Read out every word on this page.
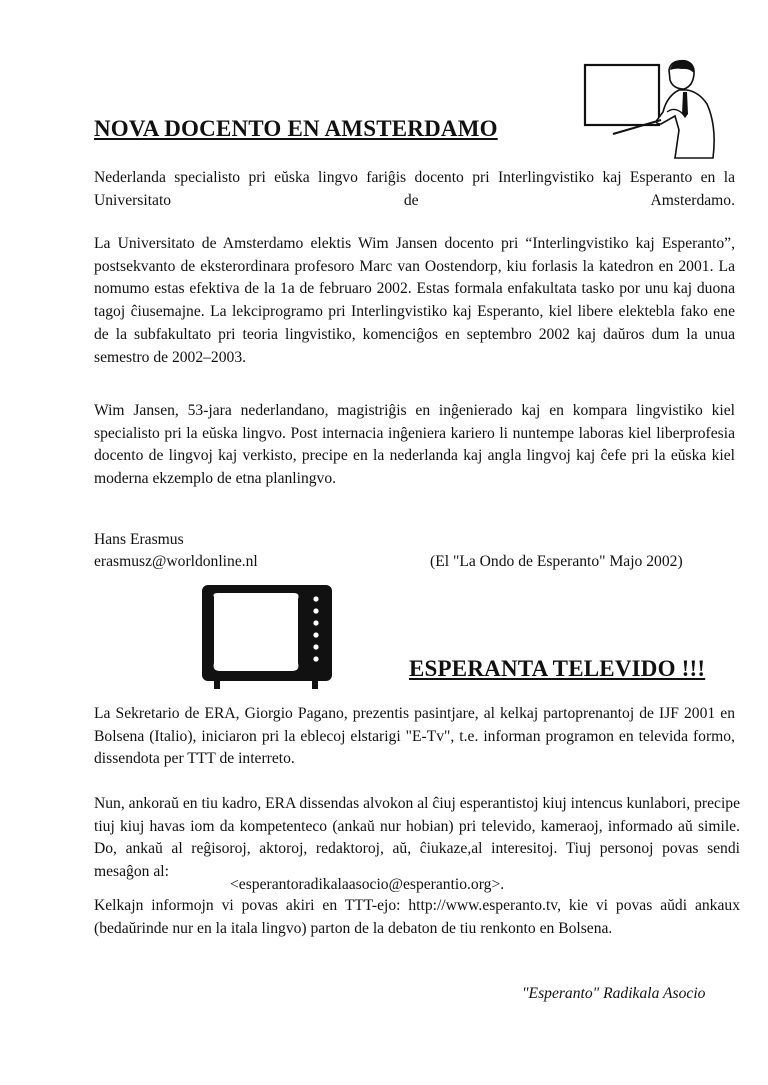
NOVA DOCENTO EN AMSTERDAMO
Nederlanda specialisto pri eŭska lingvo fariĝis docento pri Interlingvistiko kaj Esperanto en la Universitato de Amsterdamo.
La Universitato de Amsterdamo elektis Wim Jansen docento pri “Interlingvistiko kaj Esperanto”, postsekvanto de eksterordinara profesoro Marc van Oostendorp, kiu forlasis la katedron en 2001. La nomumo estas efektiva de la 1a de februaro 2002. Estas formala enfakultata tasko por unu kaj duona tagoj ĉiusemajne. La lekciprogramo pri Interlingvistiko kaj Esperanto, kiel libere elektebla fako ene de la subfakultato pri teoria lingvistiko, komenciĝos en septembro 2002 kaj daŭros dum la unua semestro de 2002–2003.
Wim Jansen, 53-jara nederlandano, magistriĝis en inĝenierado kaj en kompara lingvistiko kiel specialisto pri la eŭska lingvo. Post internacia inĝeniera kariero li nuntempe laboras kiel liberprofesia docento de lingvoj kaj verkisto, precipe en la nederlanda kaj angla lingvoj kaj ĉefe pri la eŭska kiel moderna ekzemplo de etna planlingvo.
Hans Erasmus
erasmusz@worldonline.nl	(El "La Ondo de Esperanto" Majo 2002)
ESPERANTA TELEVIDO !!!
La Sekretario de ERA, Giorgio Pagano, prezentis pasintjare, al kelkaj partoprenantoj de IJF 2001 en Bolsena (Italio), iniciaron pri la eblecoj elstarigi "E-Tv", t.e. informan programon en televida formo, dissendota per TTT de interreto.
Nun, ankoraŭ en tiu kadro, ERA dissendas alvokon al ĉiuj esperantistoj kiuj intencus kunlabori, precipe tiuj kiuj havas iom da kompetenteco (ankaŭ nur hobian) pri televido, kameraoj, informado aŭ simile. Do, ankaŭ al reĝisoroj, aktoroj, redaktoroj, aŭ, ĉiukaze,al interesitoj. Tiuj personoj povas sendi mesaĝon al:
<esperantoradikalaasocio@esperantio.org>.
Kelkajn informojn vi povas akiri en TTT-ejo: http://www.esperanto.tv, kie vi povas aŭdi ankaux (bedaŭrinde nur en la itala lingvo) parton de la debaton de tiu renkonto en Bolsena.
"Esperanto" Radikala Asocio
